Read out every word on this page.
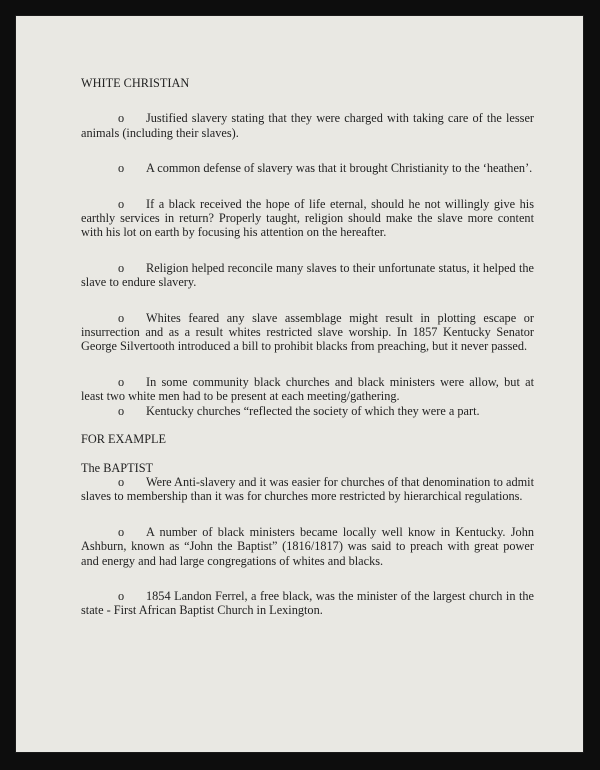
WHITE CHRISTIAN

o Justified slavery stating that they were charged with taking care of the lesser animals (including their slaves).

o A common defense of slavery was that it brought Christianity to the ‘heathen’.

o If a black received the hope of life eternal, should he not willingly give his earthly services in return? Properly taught, religion should make the slave more content with his lot on earth by focusing his attention on the hereafter.

o Religion helped reconcile many slaves to their unfortunate status, it helped the slave to endure slavery.

o Whites feared any slave assemblage might result in plotting escape or insurrection and as a result whites restricted slave worship. In 1857 Kentucky Senator George Silvertooth introduced a bill to prohibit blacks from preaching, but it never passed.

o In some community black churches and black ministers were allow, but at least two white men had to be present at each meeting/gathering.

o Kentucky churches “reflected the society of which they were a part.

FOR EXAMPLE

The BAPTIST

o Were Anti-slavery and it was easier for churches of that denomination to admit slaves to membership than it was for churches more restricted by hierarchical regulations.

o A number of black ministers became locally well know in Kentucky. John Ashburn, known as “John the Baptist” (1816/1817) was said to preach with great power and energy and had large congregations of whites and blacks.

o 1854 Landon Ferrel, a free black, was the minister of the largest church in the state - First African Baptist Church in Lexington.
